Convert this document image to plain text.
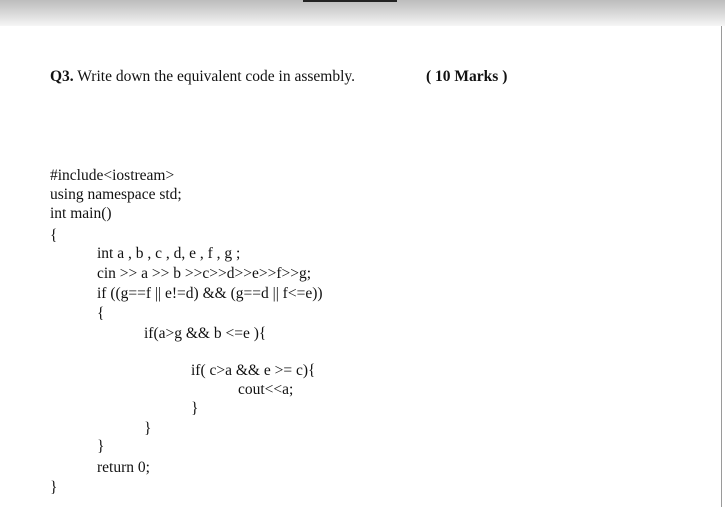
Q3. Write down the equivalent code in assembly.	( 10 Marks )
#include<iostream>
using namespace std;
int main()
{
int a , b , c , d, e , f , g ;
cin >> a >> b >>c>>d>>e>>f>>g;
if ((g==f || e!=d) && (g==d || f<=e))
{
if(a>g && b <=e ){
if( c>a && e >= c){
cout<<a;
}
}
}
return 0;
}
